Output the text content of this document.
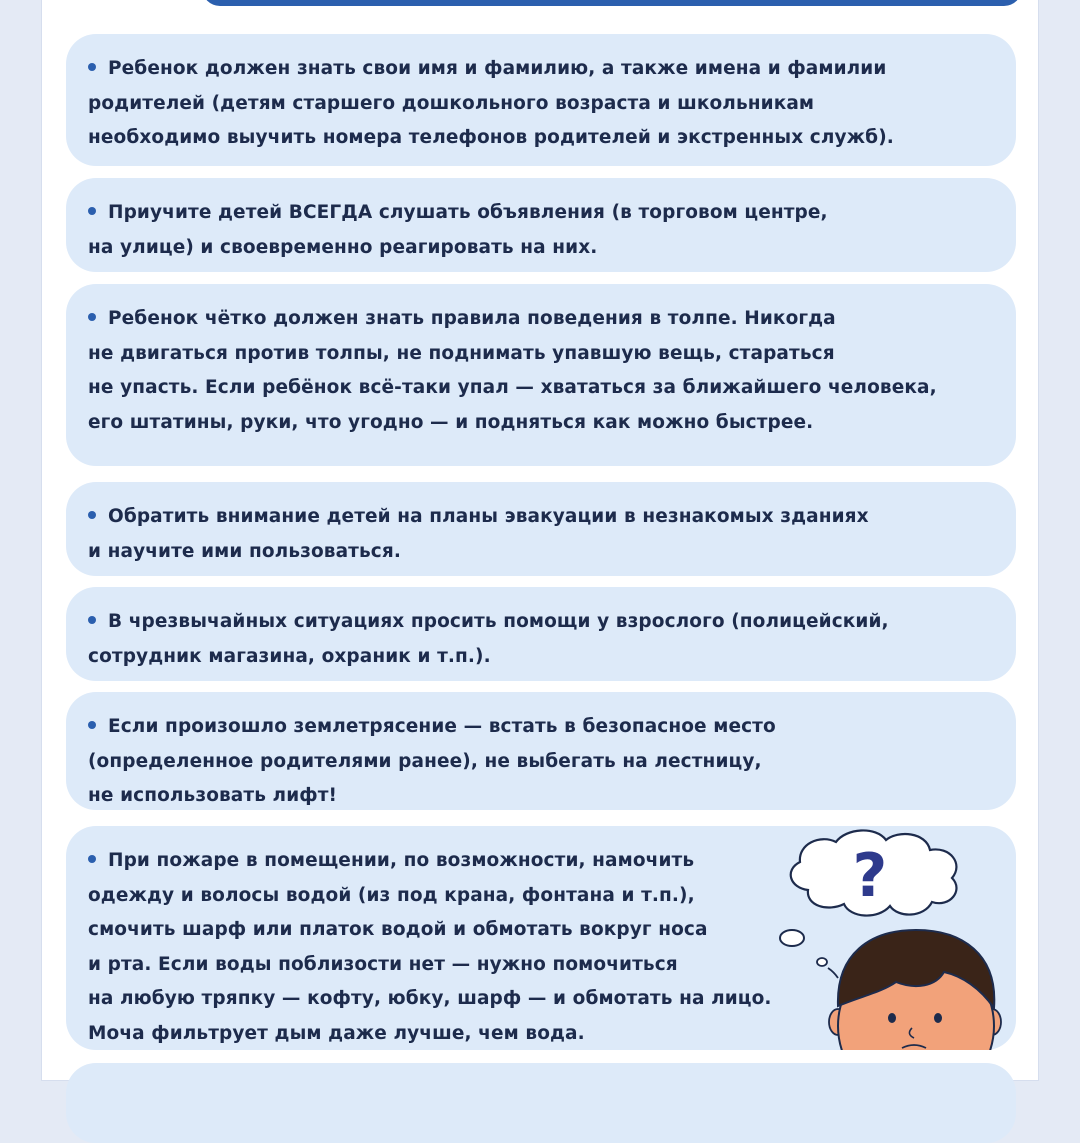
Ребенок должен знать свои имя и фамилию, а также имена и фамилии
родителей (детям старшего дошкольного возраста и школьникам
необходимо выучить номера телефонов родителей и экстренных служб).
Приучите детей ВСЕГДА слушать объявления (в торговом центре,
на улице) и своевременно реагировать на них.
Ребенок чётко должен знать правила поведения в толпе. Никогда
не двигаться против толпы, не поднимать упавшую вещь, стараться
не упасть. Если ребёнок всё-таки упал — хвататься за ближайшего человека,
его штатины, руки, что угодно — и подняться как можно быстрее.
Обратить внимание детей на планы эвакуации в незнакомых зданиях
и научите ими пользоваться.
В чрезвычайных ситуациях просить помощи у взрослого (полицейский,
сотрудник магазина, охраник и т.п.).
Если произошло землетрясение — встать в безопасное место
(определенное родителями ранее), не выбегать на лестницу,
не использовать лифт!
При пожаре в помещении, по возможности, намочить
одежду и волосы водой (из под крана, фонтана и т.п.),
смочить шарф или платок водой и обмотать вокруг носа
и рта. Если воды поблизости нет — нужно помочиться
на любую тряпку — кофту, юбку, шарф — и обмотать на лицо.
Моча фильтрует дым даже лучше, чем вода.
?
